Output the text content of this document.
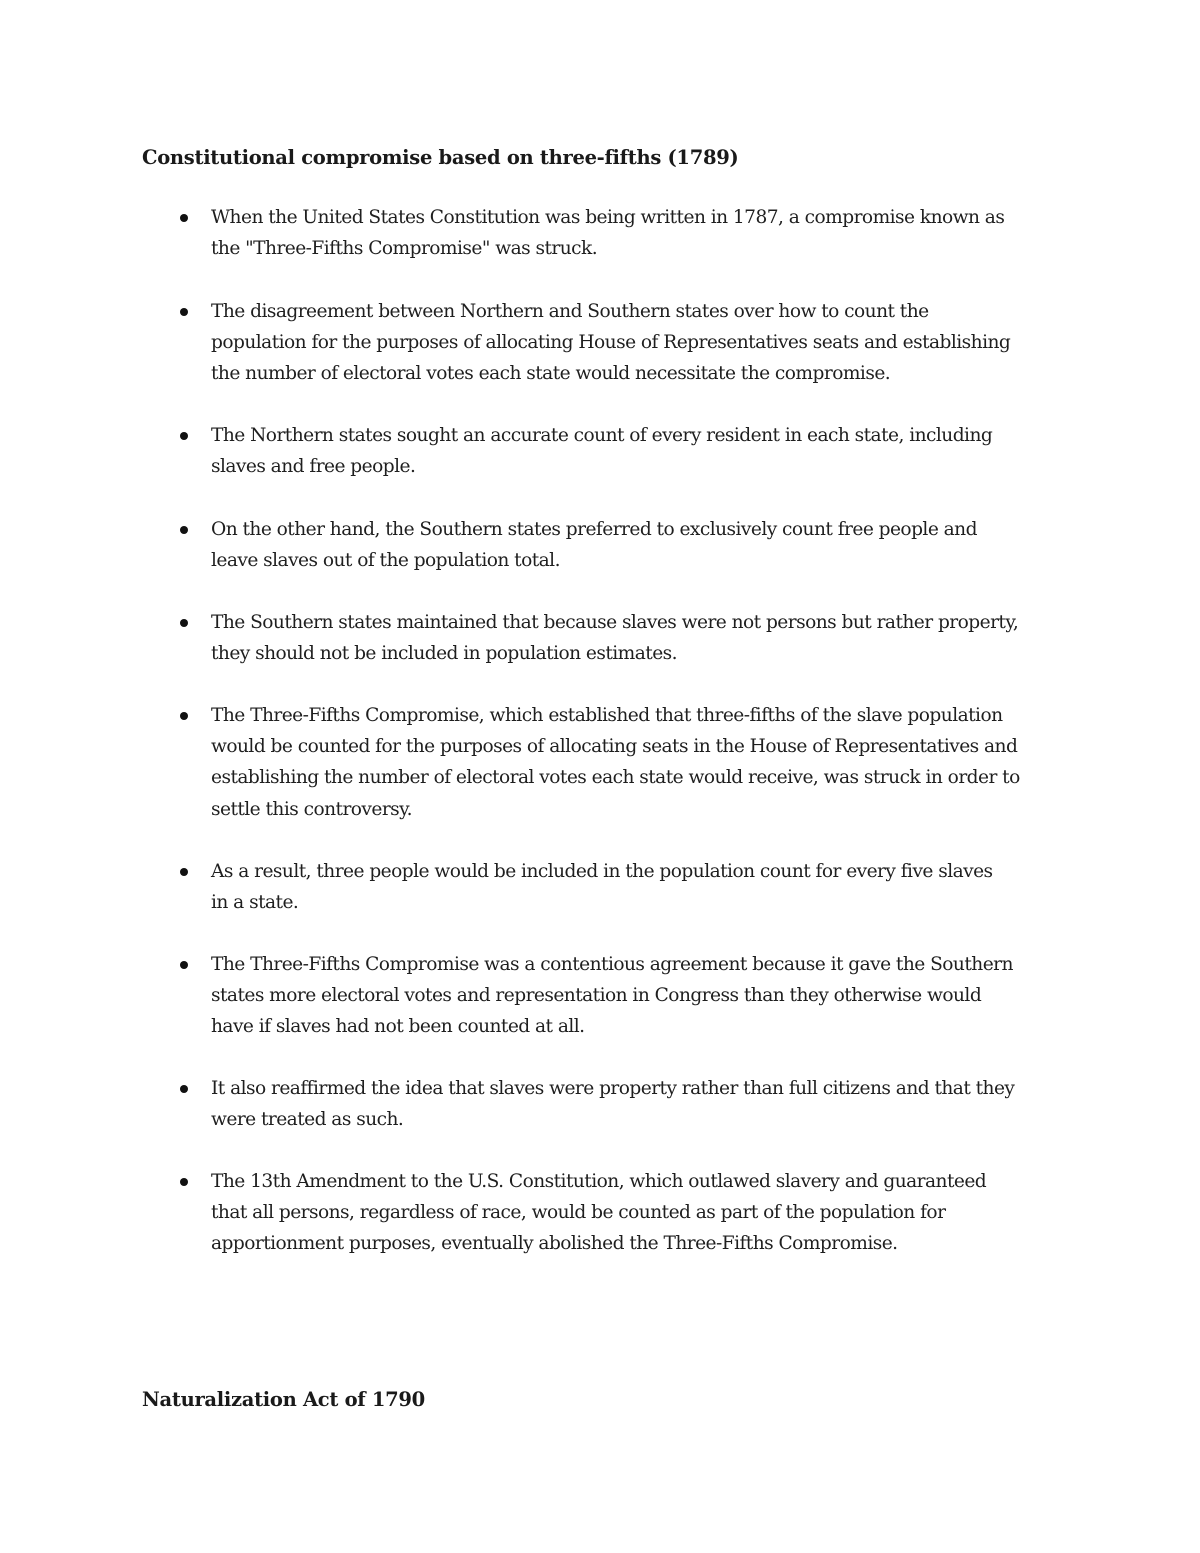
Constitutional compromise based on three-fifths (1789)
When the United States Constitution was being written in 1787, a compromise known as
the "Three-Fifths Compromise" was struck.
The disagreement between Northern and Southern states over how to count the
population for the purposes of allocating House of Representatives seats and establishing
the number of electoral votes each state would necessitate the compromise.
The Northern states sought an accurate count of every resident in each state, including
slaves and free people.
On the other hand, the Southern states preferred to exclusively count free people and
leave slaves out of the population total.
The Southern states maintained that because slaves were not persons but rather property,
they should not be included in population estimates.
The Three-Fifths Compromise, which established that three-fifths of the slave population
would be counted for the purposes of allocating seats in the House of Representatives and
establishing the number of electoral votes each state would receive, was struck in order to
settle this controversy.
As a result, three people would be included in the population count for every five slaves
in a state.
The Three-Fifths Compromise was a contentious agreement because it gave the Southern
states more electoral votes and representation in Congress than they otherwise would
have if slaves had not been counted at all.
It also reaffirmed the idea that slaves were property rather than full citizens and that they
were treated as such.
The 13th Amendment to the U.S. Constitution, which outlawed slavery and guaranteed
that all persons, regardless of race, would be counted as part of the population for
apportionment purposes, eventually abolished the Three-Fifths Compromise.
Naturalization Act of 1790
